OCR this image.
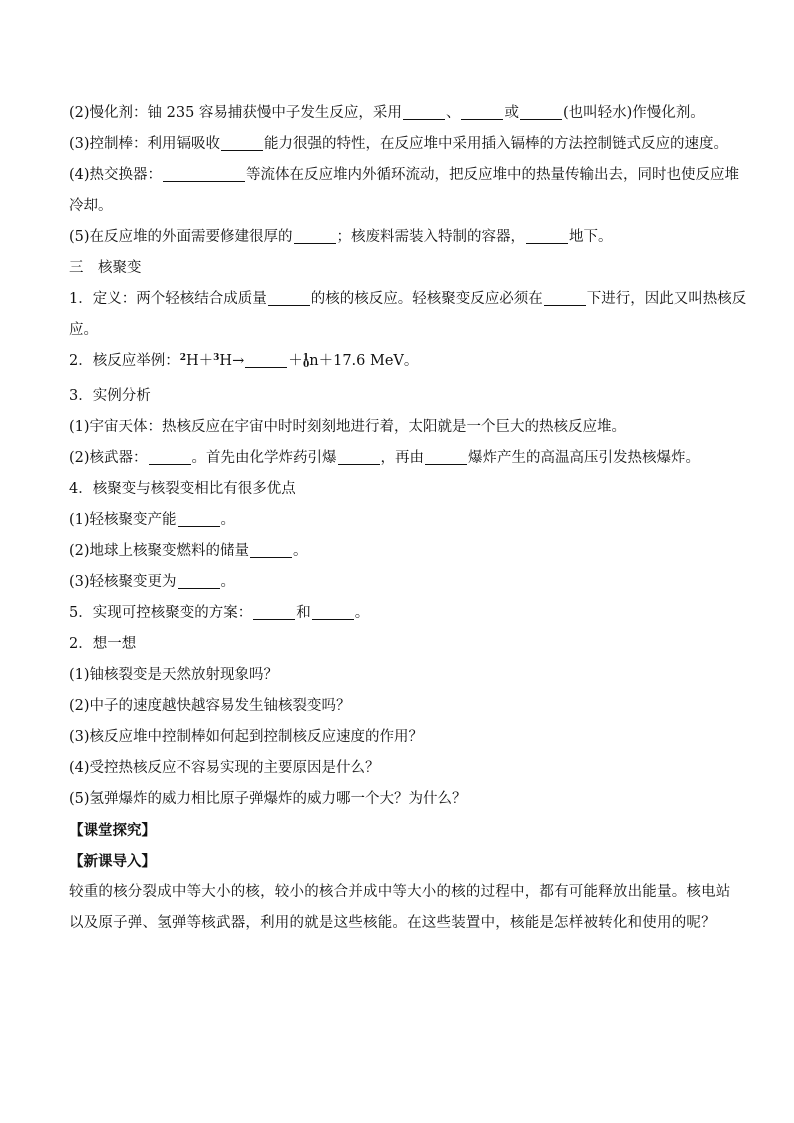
(2)慢化剂：铀 235 容易捕获慢中子发生反应，采用	、	或	(也叫轻水)作慢化剂。

(3)控制棒：利用镉吸收	能力很强的特性，在反应堆中采用插入镉棒的方法控制链式反应的速度。

(4)热交换器：	等流体在反应堆内外循环流动，把反应堆中的热量传输出去，同时也使反应堆

冷却。

(5)在反应堆的外面需要修建很厚的	；核废料需装入特制的容器，	地下。

三　核聚变

1．定义：两个轻核结合成质量	的核的核反应。轻核聚变反应必须在	下进行，因此又叫热核反

应。

2．核反应举例：$^2$H＋$^3$H→	＋$^1_0$n＋17.6 MeV。

3．实例分析

(1)宇宙天体：热核反应在宇宙中时时刻刻地进行着，太阳就是一个巨大的热核反应堆。

(2)核武器：	。首先由化学炸药引爆	，再由	爆炸产生的高温高压引发热核爆炸。

4．核聚变与核裂变相比有很多优点

(1)轻核聚变产能	。

(2)地球上核聚变燃料的储量	。

(3)轻核聚变更为	。

5．实现可控核聚变的方案：	和	。

2．想一想

(1)铀核裂变是天然放射现象吗？

(2)中子的速度越快越容易发生铀核裂变吗？

(3)核反应堆中控制棒如何起到控制核反应速度的作用？

(4)受控热核反应不容易实现的主要原因是什么？

(5)氢弹爆炸的威力相比原子弹爆炸的威力哪一个大？为什么？

【课堂探究】

【新课导入】

较重的核分裂成中等大小的核，较小的核合并成中等大小的核的过程中，都有可能释放出能量。核电站以及原子弹、氢弹等核武器，利用的就是这些核能。在这些装置中，核能是怎样被转化和使用的呢？
